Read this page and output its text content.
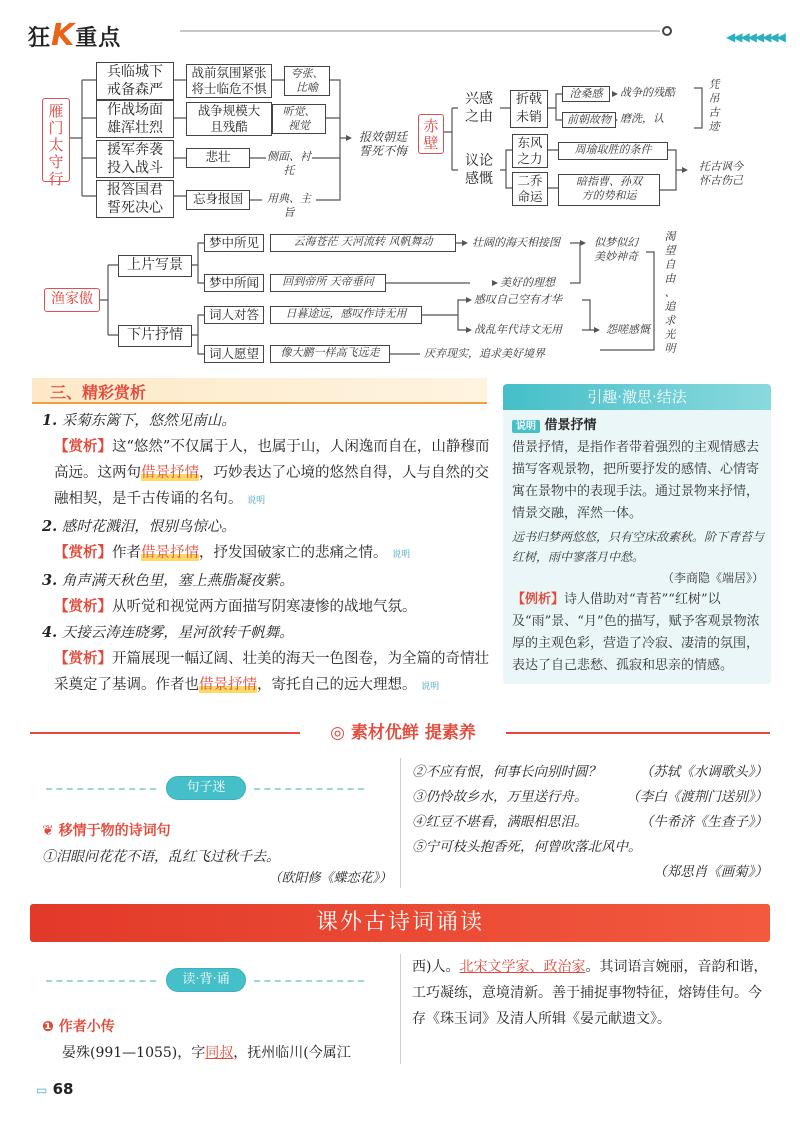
狂K重点	◀◀◀◀◀◀◀◀
雁门太守行
兵临城下
戒备森严
作战场面
雄浑壮烈
援军奔袭
投入战斗
报答国君
誓死决心
战前氛围紧张
将士临危不惧
战争规模大
且残酷
悲壮
忘身报国
夸张、
比喻
听觉、
视觉
侧面、衬托
用典、主旨
报效朝廷
誓死不悔
赤壁
兴感
之由
折戟
未销
沧桑感
前朝故物
战争的残酷
磨洗，认
凭
吊
古
迹
议论
感慨
东风
之力
二乔
命运
周瑜取胜的条件
暗指曹、孙双
方的势和运
托古讽今
怀古伤己
渔家傲
上片写景
下片抒情
梦中所见
梦中所闻
词人对答
词人愿望
云海苍茫 天河流转 风帆舞动
回到帝所 天帝垂问
日暮途远，感叹作诗无用
像大鹏一样高飞远走
壮阔的海天相接图
美好的理想
感叹自己空有才华
战乱年代诗文无用
厌弃现实，追求美好境界
似梦似幻
美妙神奇
怨嗟感慨
渴
望
自
由
、
追
求
光
明
三、精彩赏析
1. 采菊东篱下，悠然见南山。
【赏析】这“悠然”不仅属于人，也属于山，人闲逸而自在，山静穆而高远。这两句借景抒情，巧妙表达了心境的悠然自得，人与自然的交融相契，是千古传诵的名句。 说明
2. 感时花溅泪，恨别鸟惊心。
【赏析】作者借景抒情，抒发国破家亡的悲痛之情。 说明
3. 角声满天秋色里，塞上燕脂凝夜紫。
【赏析】从听觉和视觉两方面描写阴寒凄惨的战地气氛。
4. 天接云涛连晓雾，星河欲转千帆舞。
【赏析】开篇展现一幅辽阔、壮美的海天一色图卷，为全篇的奇情壮采奠定了基调。作者也借景抒情，寄托自己的远大理想。 说明
引趣·激思·结法
说明 借景抒情
借景抒情，是指作者带着强烈的主观情感去描写客观景物，把所要抒发的感情、心情寄寓在景物中的表现手法。通过景物来抒情，情景交融，浑然一体。
远书归梦两悠悠，只有空床敌素秋。阶下青苔与红树，雨中寥落月中愁。
（李商隐《端居》）
【例析】诗人借助对“青苔”“红树”以及“雨”景、“月”色的描写，赋予客观景物浓厚的主观色彩，营造了冷寂、凄清的氛围，表达了自己悲愁、孤寂和思亲的情感。
◎ 素材优鲜 提素养
句子迷
❦ 移情于物的诗词句
①泪眼问花花不语，乱红飞过秋千去。
（欧阳修《蝶恋花》）
②不应有恨，何事长向别时圆？	（苏轼《水调歌头》）
③仍怜故乡水，万里送行舟。	（李白《渡荆门送别》）
④红豆不堪看，满眼相思泪。	（牛希济《生查子》）
⑤宁可枝头抱香死，何曾吹落北风中。
（郑思肖《画菊》）
课外古诗词诵读
读·背·诵
❶ 作者小传
晏殊(991—1055)，字同叔，抚州临川(今属江
西)人。北宋文学家、政治家。其词语言婉丽，音韵和谐，工巧凝练，意境清新。善于捕捉事物特征，熔铸佳句。今存《珠玉词》及清人所辑《晏元献遗文》。
▭ 68
